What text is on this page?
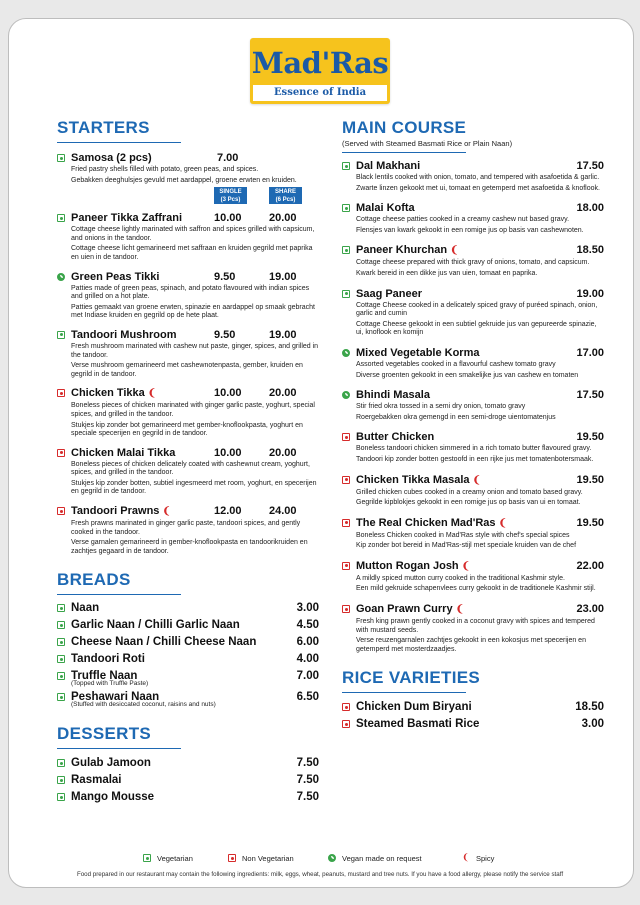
Mad'Ras
Essence of India
STARTERS
Samosa (2 pcs)	7.00
Fried pastry shells filled with potato, green peas, and spices.
Gebakken deeghulsjes gevuld met aardappel, groene erwten en kruiden.
SINGLE
(3 Pcs)
SHARE
(6 Pcs)
Paneer Tikka Zaffrani	10.00 20.00
Cottage cheese lightly marinated with saffron and spices grilled with capsicum, and onions in the tandoor.
Cottage cheese licht gemarineerd met saffraan en kruiden gegrild met paprika en uien in de tandoor.
Green Peas Tikki	9.50	19.00
Patties made of green peas, spinach, and potato flavoured with indian spices and grilled on a hot plate.
Patties gemaakt van groene erwten, spinazie en aardappel op smaak gebracht met Indiase kruiden en gegrild op de hete plaat.
Tandoori Mushroom	9.50	19.00
Fresh mushroom marinated with cashew nut paste, ginger, spices, and grilled in the tandoor.
Verse mushroom gemarineerd met cashewnotenpasta, gember, kruiden en gegrild in de tandoor.
Chicken Tikka ❨	10.00 20.00
Boneless pieces of chicken marinated with ginger garlic paste, yoghurt, special spices, and grilled in the tandoor.
Stukjes kip zonder bot gemarineerd met gember-knoflookpasta, yoghurt en speciale specerijen en gegrild in de tandoor.
Chicken Malai Tikka	10.00 20.00
Boneless pieces of chicken delicately coated with cashewnut cream, yoghurt, spices, and grilled in the tandoor.
Stukjes kip zonder botten, subtiel ingesmeerd met room, yoghurt, en specerijen en gegrild in de tandoor.
Tandoori Prawns ❨	12.00 24.00
Fresh prawns marinated in ginger garlic paste, tandoori spices, and gently cooked in the tandoor.
Verse garnalen gemarineerd in gember-knoflookpasta en tandoorikruiden en zachtjes gegaard in de tandoor.
BREADS
Naan	3.00
Garlic Naan / Chilli Garlic Naan	4.50
Cheese Naan / Chilli Cheese Naan	6.00
Tandoori Roti	4.00
Truffle Naan	7.00
(Topped with Truffle Paste)
Peshawari Naan	6.50
(Stuffed with desiccated coconut, raisins and nuts)
DESSERTS
Gulab Jamoon	7.50
Rasmalai	7.50
Mango Mousse	7.50
MAIN COURSE
(Served with Steamed Basmati Rice or Plain Naan)
Dal Makhani	17.50
Black lentils cooked with onion, tomato, and tempered with asafoetida & garlic.
Zwarte linzen gekookt met ui, tomaat en getemperd met asafoetida & knoflook.
Malai Kofta	18.00
Cottage cheese patties cooked in a creamy cashew nut based gravy.
Flensjes van kwark gekookt in een romige jus op basis van cashewnoten.
Paneer Khurchan ❨	18.50
Cottage cheese prepared with thick gravy of onions, tomato, and capsicum.
Kwark bereid in een dikke jus van uien, tomaat en paprika.
Saag Paneer	19.00
Cottage Cheese cooked in a delicately spiced gravy of puréed spinach, onion, garlic and cumin
Cottage Cheese gekookt in een subtiel gekruide jus van gepureerde spinazie, ui, knoflook en komijn
Mixed Vegetable Korma	17.00
Assorted vegetables cooked in a flavourful cashew tomato gravy
Diverse groenten gekookt in een smakelijke jus van cashew en tomaten
Bhindi Masala	17.50
Stir fried okra tossed in a semi dry onion, tomato gravy
Roergebakken okra gemengd in een semi-droge uientomatenjus
Butter Chicken	19.50
Boneless tandoori chicken simmered in a rich tomato butter flavoured gravy.
Tandoori kip zonder botten gestoofd in een rijke jus met tomatenbotersmaak.
Chicken Tikka Masala ❨	19.50
Grilled chicken cubes cooked in a creamy onion and tomato based gravy.
Gegrilde kipblokjes gekookt in een romige jus op basis van ui en tomaat.
The Real Chicken Mad'Ras ❨	19.50
Boneless Chicken cooked in Mad'Ras style with chef's special spices
Kip zonder bot bereid in Mad'Ras-stijl met speciale kruiden van de chef
Mutton Rogan Josh ❨	22.00
A mildly spiced mutton curry cooked in the traditional Kashmir style.
Een mild gekruide schapenvlees curry gekookt in de traditionele Kashmir stijl.
Goan Prawn Curry ❨	23.00
Fresh king prawn gently cooked in a coconut gravy with spices and tempered with mustard seeds.
Verse reuzengarnalen zachtjes gekookt in een kokosjus met specerijen en getemperd met mosterdzaadjes.
RICE VARIETIES
Chicken Dum Biryani	18.50
Steamed Basmati Rice	3.00
Vegetarian	Non Vegetarian	Vegan made on request	❨ Spicy
Food prepared in our restaurant may contain the following ingredients: milk, eggs, wheat, peanuts, mustard and tree nuts. If you have a food allergy, please notify the service staff
